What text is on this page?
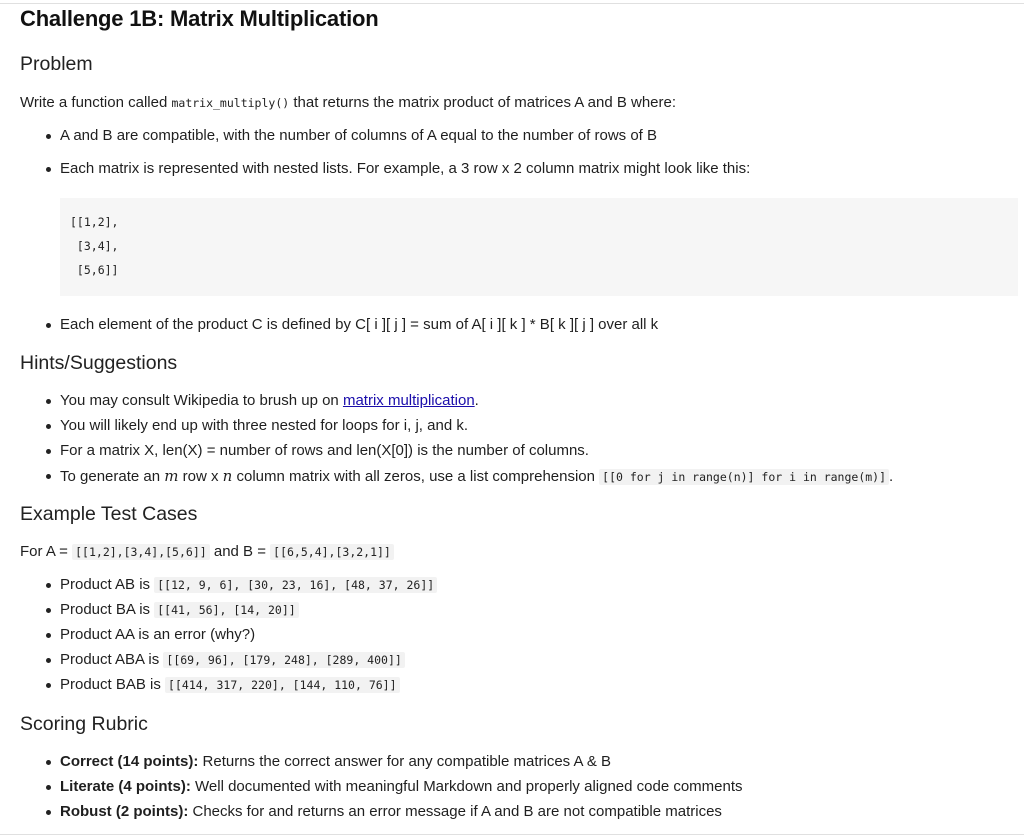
Challenge 1B: Matrix Multiplication
Problem

Write a function called matrix_multiply() that returns the matrix product of matrices A and B where:

A and B are compatible, with the number of columns of A equal to the number of rows of B
Each matrix is represented with nested lists. For example, a 3 row x 2 column matrix might look like this:
[[1,2],
[3,4],
[5,6]]
Each element of the product C is defined by C[ i ][ j ] = sum of A[ i ][ k ] * B[ k ][ j ] over all k
Hints/Suggestions
You may consult Wikipedia to brush up on matrix multiplication.
You will likely end up with three nested for loops for i, j, and k.
For a matrix X, len(X) = number of rows and len(X[0]) is the number of columns.
To generate an m row x n column matrix with all zeros, use a list comprehension [[0 for j in range(n)] for i in range(m)] .
Example Test Cases

For A = [[1,2],[3,4],[5,6]] and B = [[6,5,4],[3,2,1]]

Product AB is [[12, 9, 6], [30, 23, 16], [48, 37, 26]]
Product BA is [[41, 56], [14, 20]]
Product AA is an error (why?)
Product ABA is [[69, 96], [179, 248], [289, 400]]
Product BAB is [[414, 317, 220], [144, 110, 76]]
Scoring Rubric
Correct (14 points): Returns the correct answer for any compatible matrices A & B
Literate (4 points): Well documented with meaningful Markdown and properly aligned code comments
Robust (2 points): Checks for and returns an error message if A and B are not compatible matrices
